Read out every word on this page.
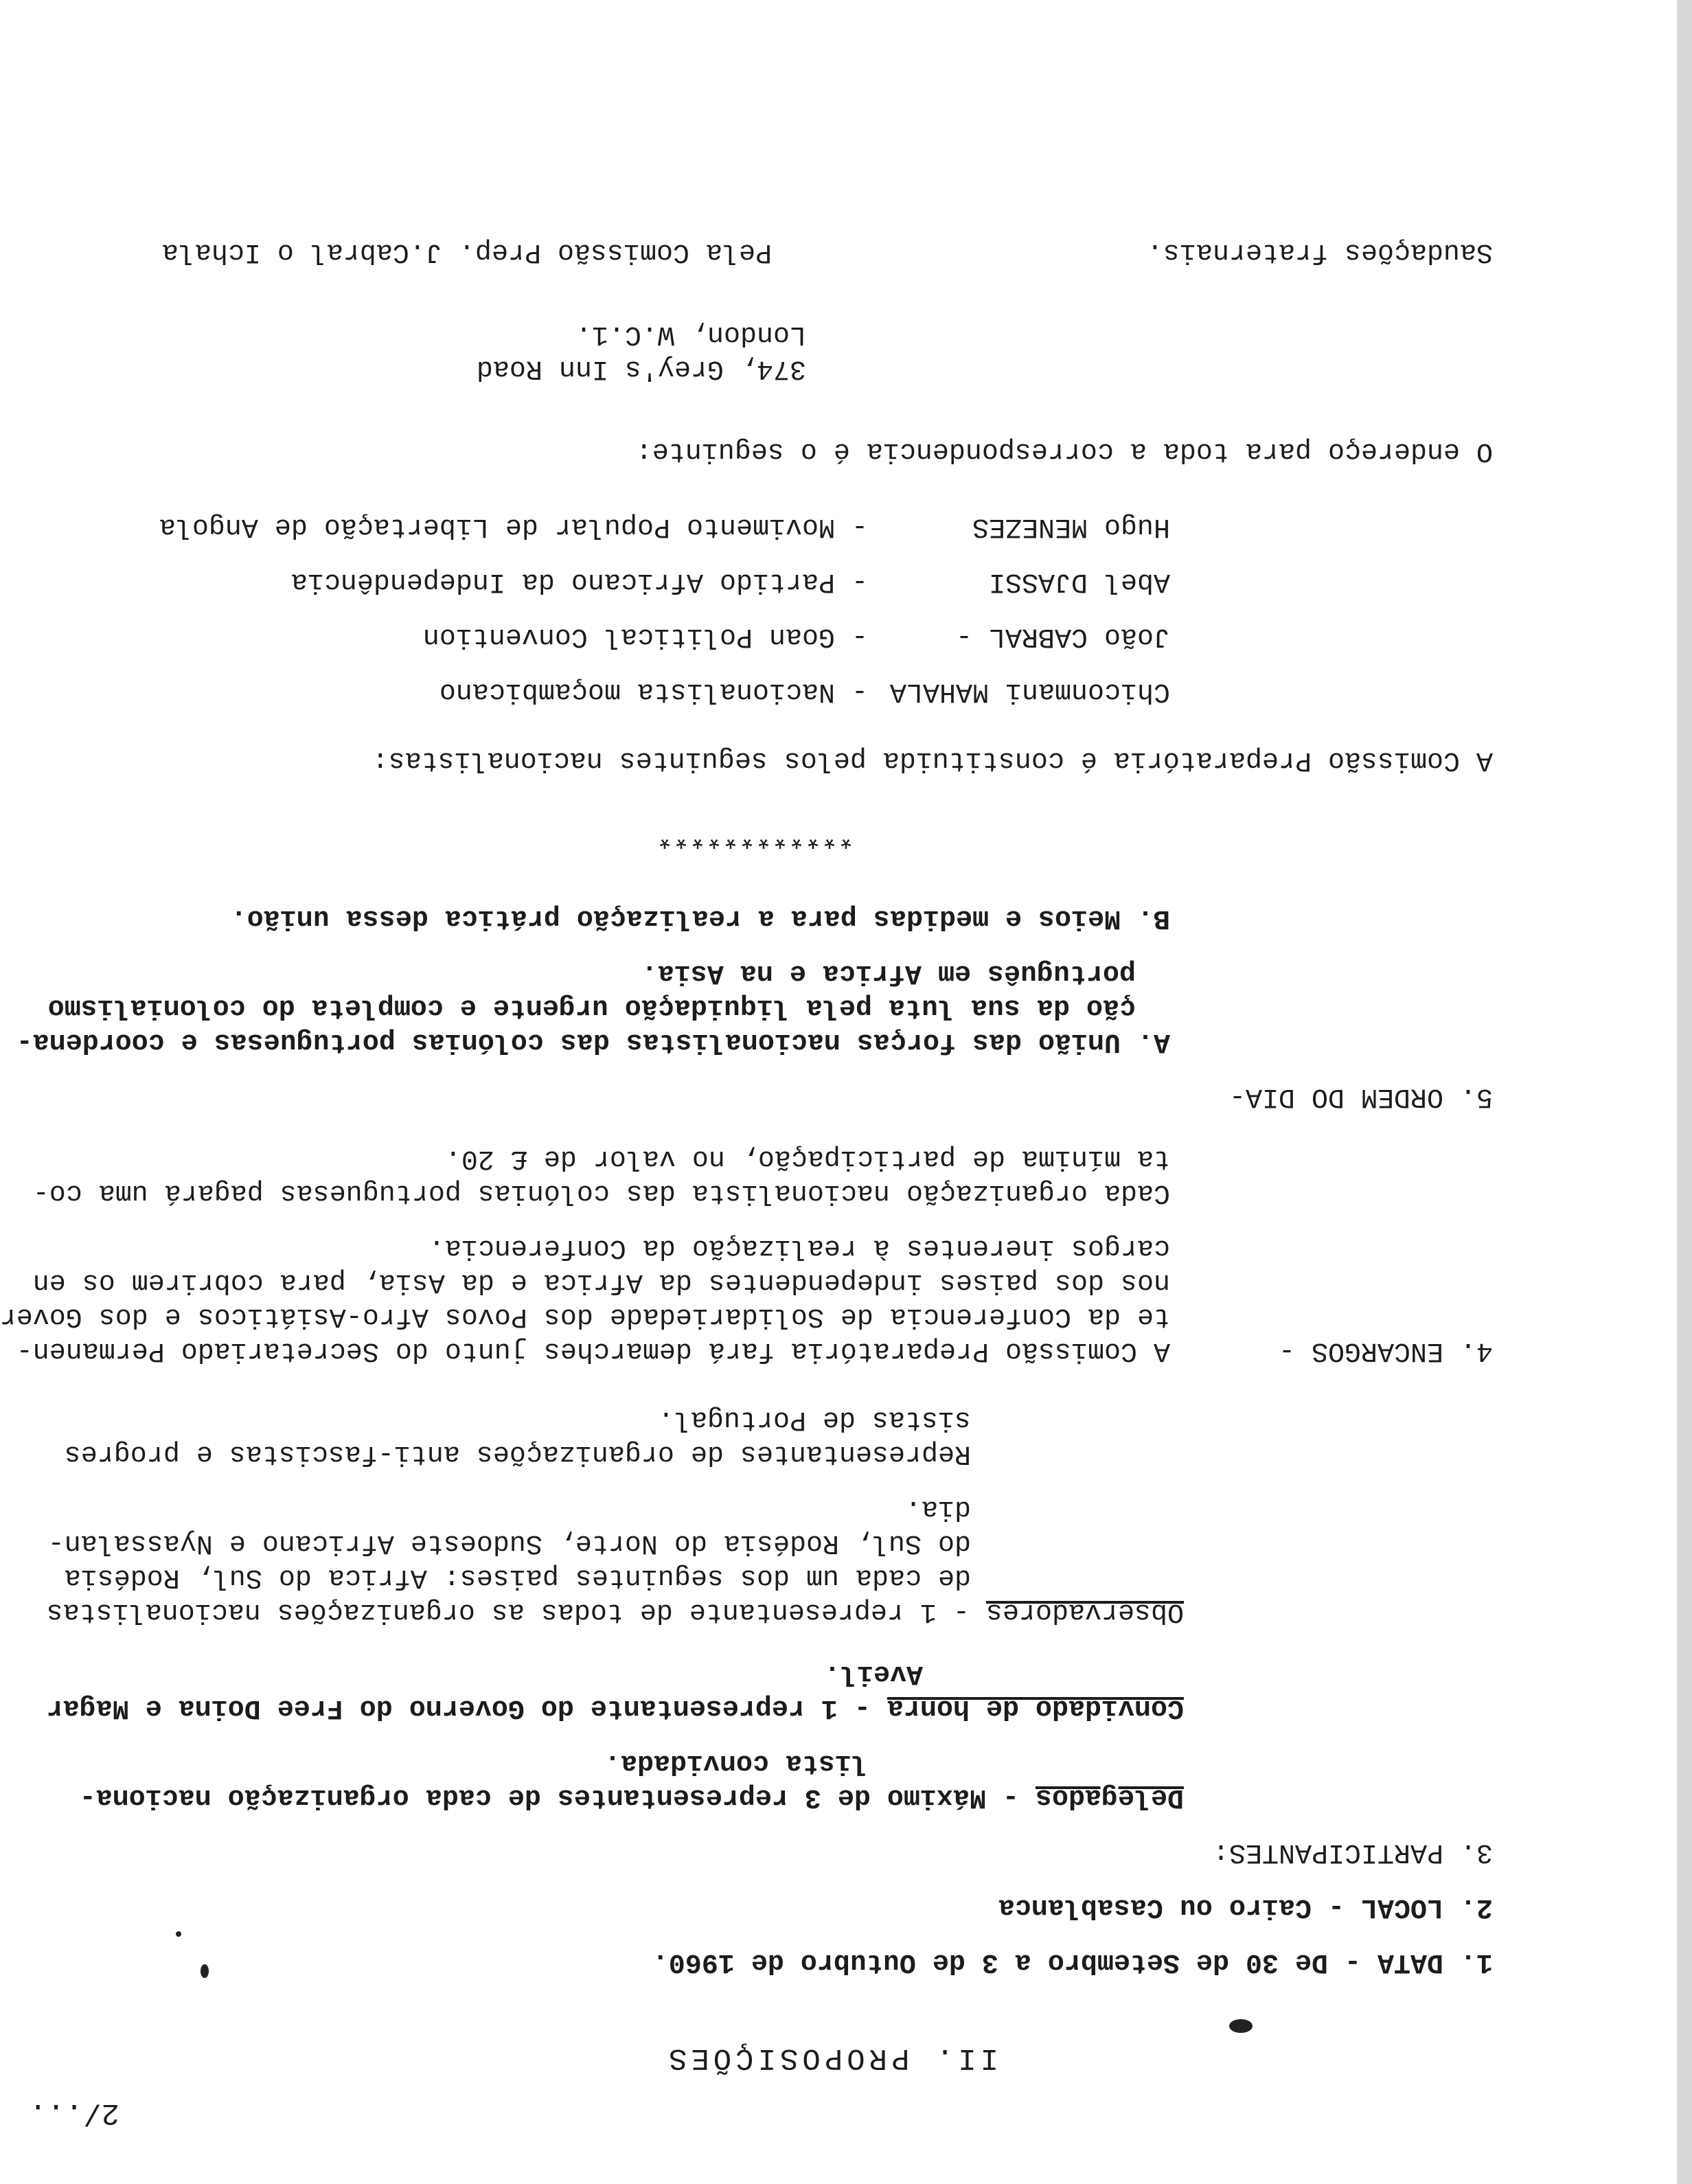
2/...
II. PROPOSIÇÕES
1. DATA - De 30 de Setembro a 3 de Outubro de 1960.
2. LOCAL - Cairo ou Casablanca
3. PARTICIPANTES:
Delegados - Máximo de 3 representantes de cada organização naciona-
lista convidada.
Convidado de honra - 1 representante do Governo do Free Doina e Magar
Aveil.
Observadores - 1 representante de todas as organizações nacionalistas
de cada um dos seguintes paises: Africa do Sul, Rodésia
do Sul, Rodésia do Norte, Sudoeste Africano e Nyassalan-
dia.
Representantes de organizações anti-fascistas e progres
sistas de Portugal.
4. ENCARGOS -
A Comissão Preparatória fará demarches junto do Secretariado Permanen-
te da Conferencia de Solidariedade dos Povos Afro-Asiáticos e dos Gover
nos dos paises independentes da Africa e da Asia, para cobrirem os en
cargos inerentes à realização da Conferencia.
Cada organização nacionalista das colónias portuguesas pagará uma co-
ta mínima de participação, no valor de £ 20.
5. ORDEM DO DIA-
A. União das forças nacionalistas das colónias portuguesas e coordena-
ção da sua luta pela liquidação urgente e completa do colonialismo
português em Africa e na Asia.
B. Meios e medidas para a realização prática dessa união.
************
A Comissão Preparatória é constituida pelos seguintes nacionalistas:
Chiconmani MAHALA
- Nacionalista moçambicano
João CABRAL -
- Goan Political Convention
Abel DJASSI
- Partido Africano da Independência
Hugo MENEZES
- Movimento Popular de Libertação de Angola
O endereço para toda a correspondencia é o seguinte:
374, Grey's Inn Road
London, W.C.1.
Saudações fraternais.
Pela Comissão Prep. J.Cabral o Ichala
